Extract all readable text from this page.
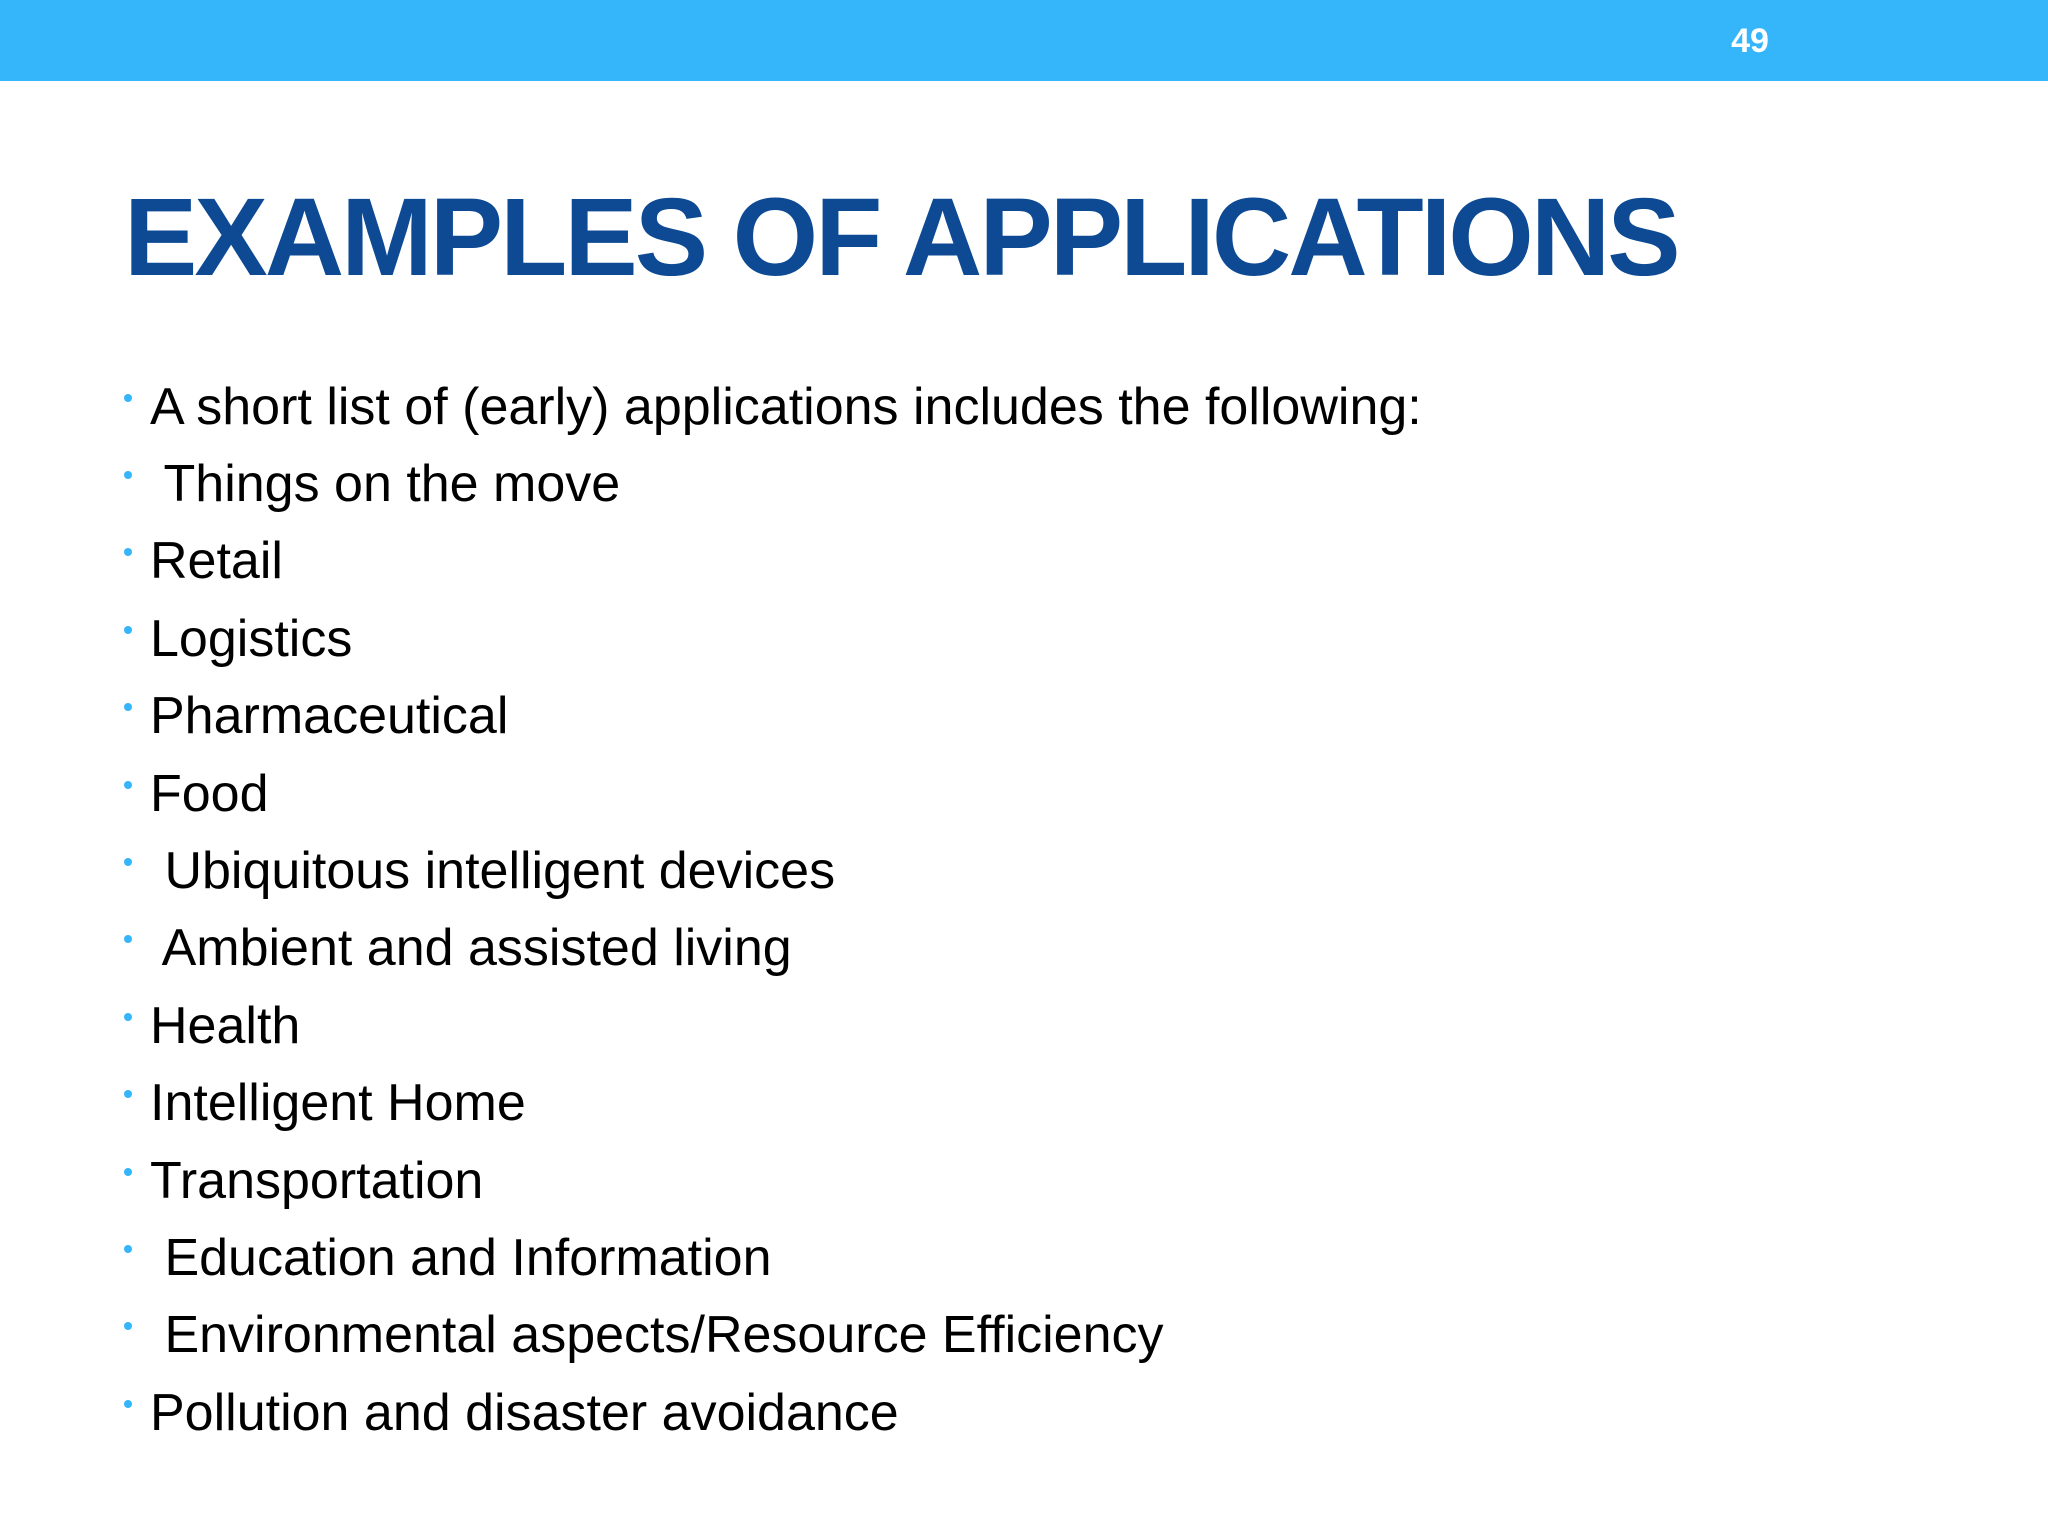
49
EXAMPLES OF APPLICATIONS
A short list of (early) applications includes the following:
Things on the move
Retail
Logistics
Pharmaceutical
Food
Ubiquitous intelligent devices
Ambient and assisted living
Health
Intelligent Home
Transportation
Education and Information
Environmental aspects/Resource Efficiency
Pollution and disaster avoidance
